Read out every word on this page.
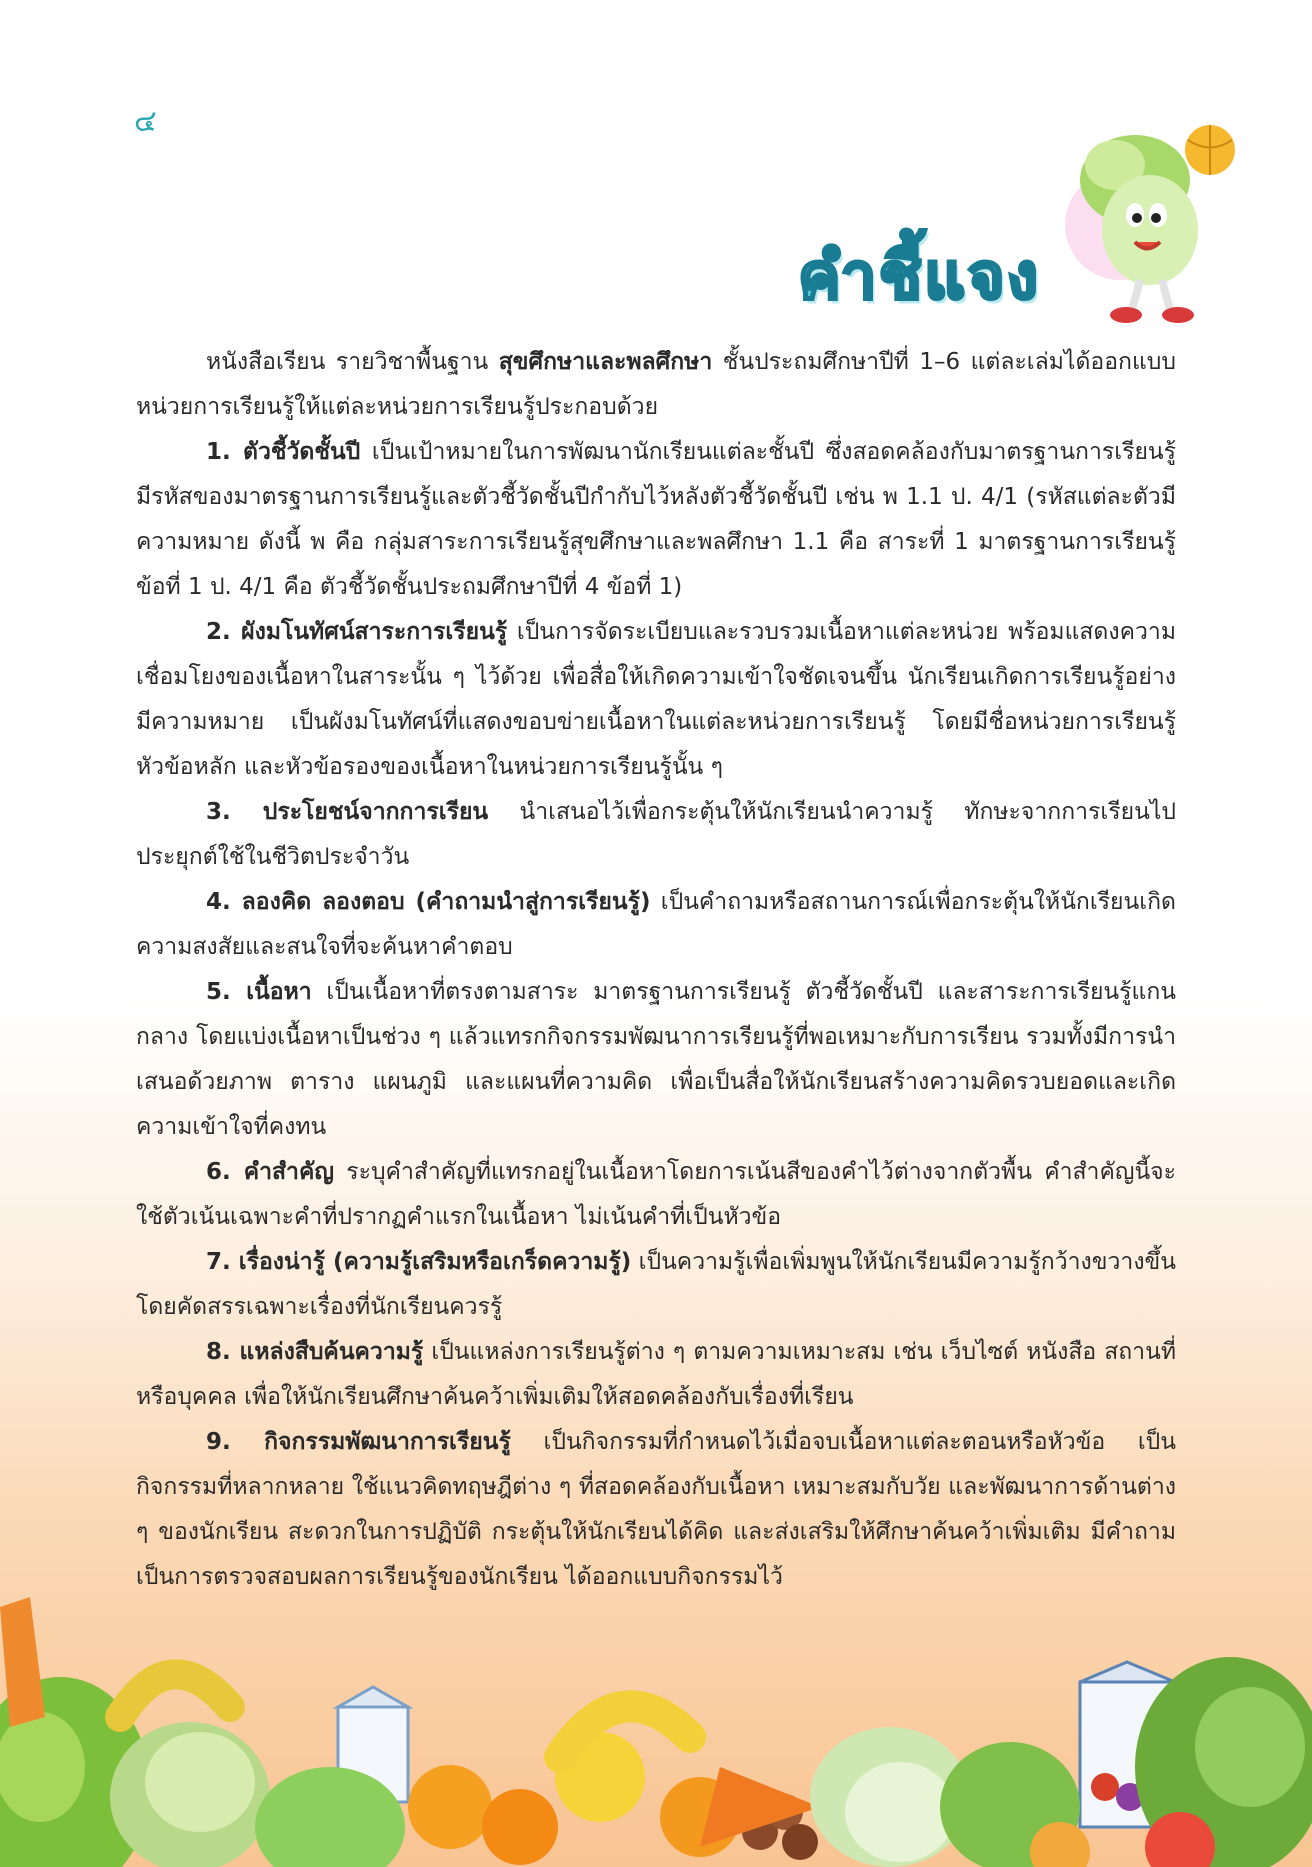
๔
คำชี้แจง

หนังสือเรียน รายวิชาพื้นฐาน สุขศึกษาและพลศึกษา ชั้นประถมศึกษาปีที่ 1–6 แต่ละเล่มได้ออกแบบหน่วยการเรียนรู้ให้แต่ละหน่วยการเรียนรู้ประกอบด้วย

1. ตัวชี้วัดชั้นปี เป็นเป้าหมายในการพัฒนานักเรียนแต่ละชั้นปี ซึ่งสอดคล้องกับมาตรฐานการเรียนรู้ มีรหัสของมาตรฐานการเรียนรู้และตัวชี้วัดชั้นปีกำกับไว้หลังตัวชี้วัดชั้นปี เช่น พ 1.1 ป. 4/1 (รหัสแต่ละตัวมีความหมาย ดังนี้ พ คือ กลุ่มสาระการเรียนรู้สุขศึกษาและพลศึกษา 1.1 คือ สาระที่ 1 มาตรฐานการเรียนรู้ข้อที่ 1 ป. 4/1 คือ ตัวชี้วัดชั้นประถมศึกษาปีที่ 4 ข้อที่ 1)

2. ผังมโนทัศน์สาระการเรียนรู้ เป็นการจัดระเบียบและรวบรวมเนื้อหาแต่ละหน่วย พร้อมแสดงความเชื่อมโยงของเนื้อหาในสาระนั้น ๆ ไว้ด้วย เพื่อสื่อให้เกิดความเข้าใจชัดเจนขึ้น นักเรียนเกิดการเรียนรู้อย่างมีความหมาย เป็นผังมโนทัศน์ที่แสดงขอบข่ายเนื้อหาในแต่ละหน่วยการเรียนรู้ โดยมีชื่อหน่วยการเรียนรู้ หัวข้อหลัก และหัวข้อรองของเนื้อหาในหน่วยการเรียนรู้นั้น ๆ

3. ประโยชน์จากการเรียน นำเสนอไว้เพื่อกระตุ้นให้นักเรียนนำความรู้ ทักษะจากการเรียนไปประยุกต์ใช้ในชีวิตประจำวัน

4. ลองคิด ลองตอบ (คำถามนำสู่การเรียนรู้) เป็นคำถามหรือสถานการณ์เพื่อกระตุ้นให้นักเรียนเกิดความสงสัยและสนใจที่จะค้นหาคำตอบ

5. เนื้อหา เป็นเนื้อหาที่ตรงตามสาระ มาตรฐานการเรียนรู้ ตัวชี้วัดชั้นปี และสาระการเรียนรู้แกนกลาง โดยแบ่งเนื้อหาเป็นช่วง ๆ แล้วแทรกกิจกรรมพัฒนาการเรียนรู้ที่พอเหมาะกับการเรียน รวมทั้งมีการนำเสนอด้วยภาพ ตาราง แผนภูมิ และแผนที่ความคิด เพื่อเป็นสื่อให้นักเรียนสร้างความคิดรวบยอดและเกิดความเข้าใจที่คงทน

6. คำสำคัญ ระบุคำสำคัญที่แทรกอยู่ในเนื้อหาโดยการเน้นสีของคำไว้ต่างจากตัวพื้น คำสำคัญนี้จะใช้ตัวเน้นเฉพาะคำที่ปรากฏคำแรกในเนื้อหา ไม่เน้นคำที่เป็นหัวข้อ

7. เรื่องน่ารู้ (ความรู้เสริมหรือเกร็ดความรู้) เป็นความรู้เพื่อเพิ่มพูนให้นักเรียนมีความรู้กว้างขวางขึ้น โดยคัดสรรเฉพาะเรื่องที่นักเรียนควรรู้

8. แหล่งสืบค้นความรู้ เป็นแหล่งการเรียนรู้ต่าง ๆ ตามความเหมาะสม เช่น เว็บไซต์ หนังสือ สถานที่ หรือบุคคล เพื่อให้นักเรียนศึกษาค้นคว้าเพิ่มเติมให้สอดคล้องกับเรื่องที่เรียน

9. กิจกรรมพัฒนาการเรียนรู้ เป็นกิจกรรมที่กำหนดไว้เมื่อจบเนื้อหาแต่ละตอนหรือหัวข้อ เป็นกิจกรรมที่หลากหลาย ใช้แนวคิดทฤษฎีต่าง ๆ ที่สอดคล้องกับเนื้อหา เหมาะสมกับวัย และพัฒนาการด้านต่าง ๆ ของนักเรียน สะดวกในการปฏิบัติ กระตุ้นให้นักเรียนได้คิด และส่งเสริมให้ศึกษาค้นคว้าเพิ่มเติม มีคำถามเป็นการตรวจสอบผลการเรียนรู้ของนักเรียน ได้ออกแบบกิจกรรมไว้
